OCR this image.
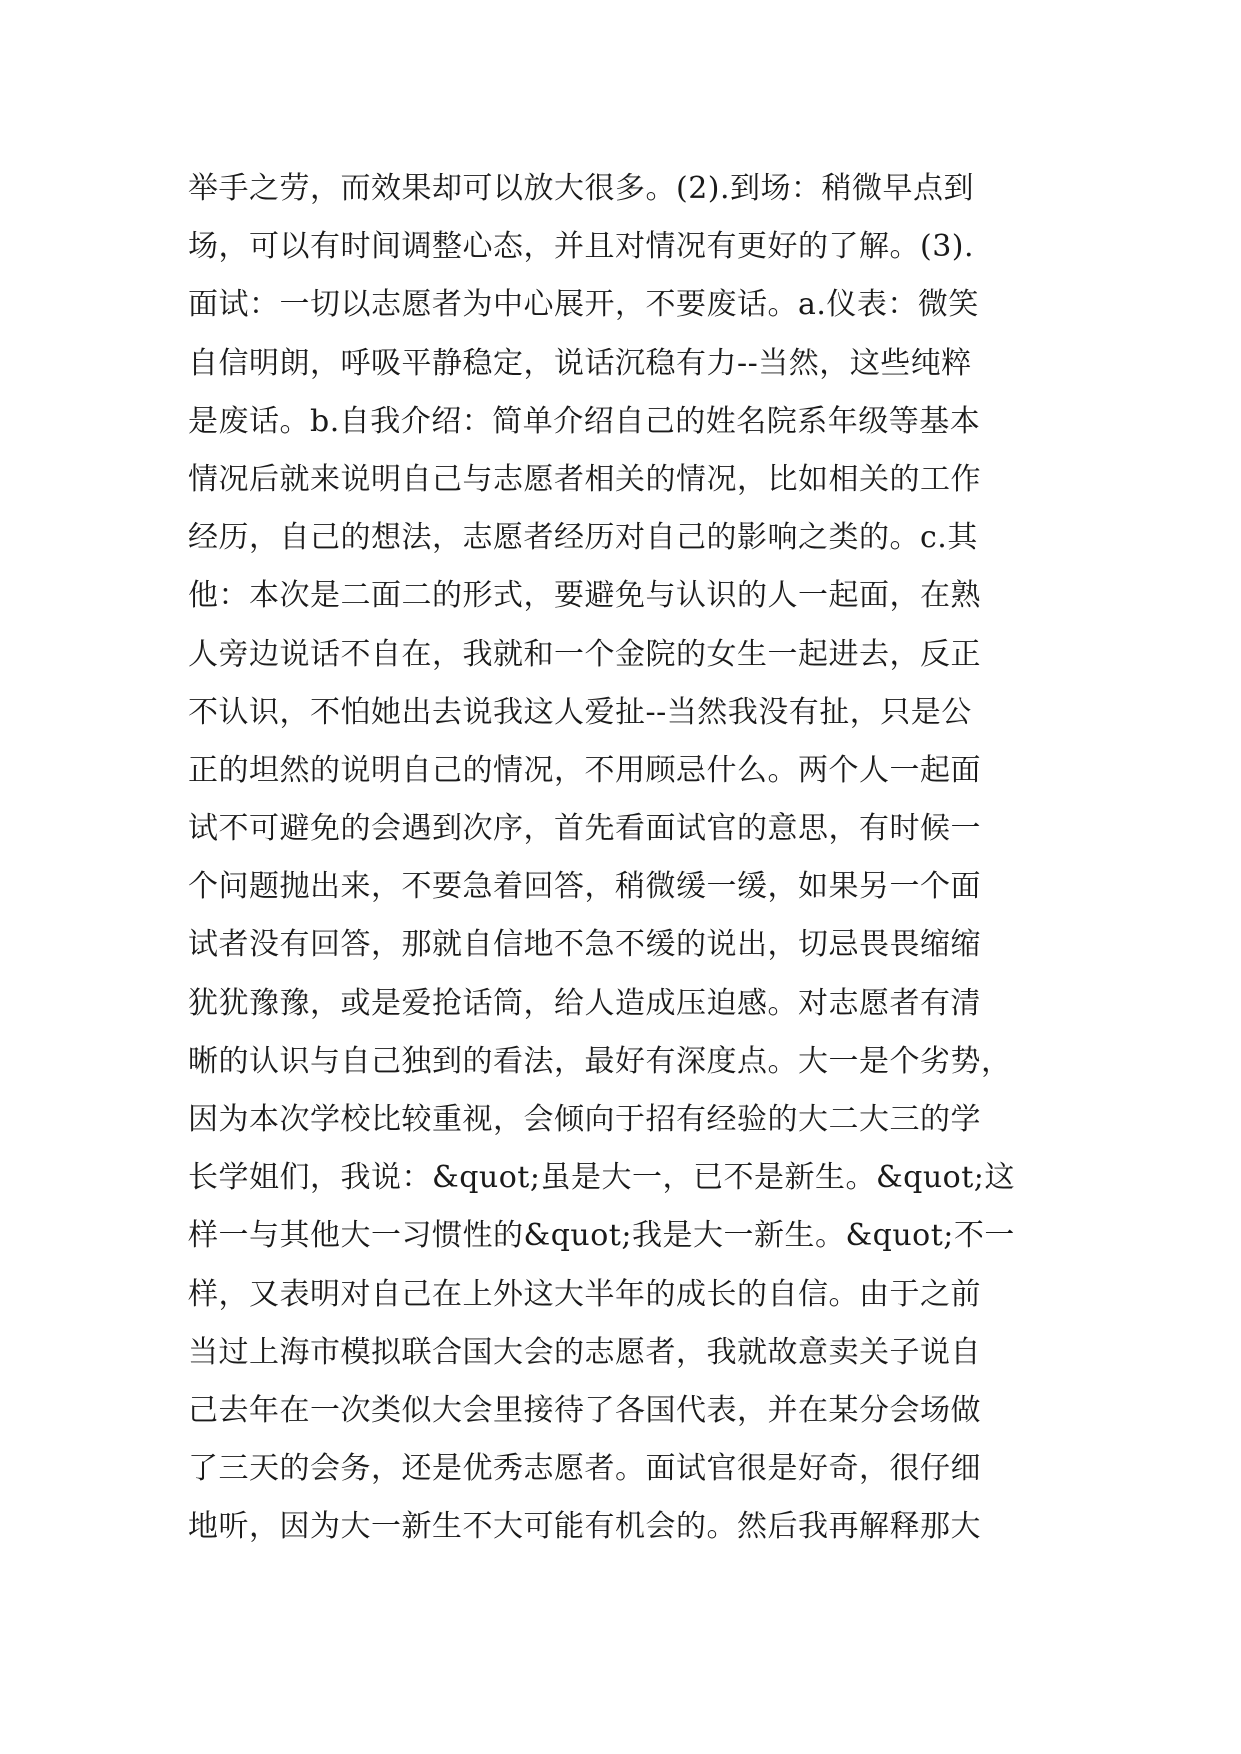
举手之劳，而效果却可以放大很多。(2).到场：稍微早点到
场，可以有时间调整心态，并且对情况有更好的了解。(3).
面试：一切以志愿者为中心展开，不要废话。a.仪表：微笑
自信明朗，呼吸平静稳定，说话沉稳有力--当然，这些纯粹
是废话。b.自我介绍：简单介绍自己的姓名院系年级等基本
情况后就来说明自己与志愿者相关的情况，比如相关的工作
经历，自己的想法，志愿者经历对自己的影响之类的。c.其
他：本次是二面二的形式，要避免与认识的人一起面，在熟
人旁边说话不自在，我就和一个金院的女生一起进去，反正
不认识，不怕她出去说我这人爱扯--当然我没有扯，只是公
正的坦然的说明自己的情况，不用顾忌什么。两个人一起面
试不可避免的会遇到次序，首先看面试官的意思，有时候一
个问题抛出来，不要急着回答，稍微缓一缓，如果另一个面
试者没有回答，那就自信地不急不缓的说出，切忌畏畏缩缩
犹犹豫豫，或是爱抢话筒，给人造成压迫感。对志愿者有清
晰的认识与自己独到的看法，最好有深度点。大一是个劣势，
因为本次学校比较重视，会倾向于招有经验的大二大三的学
长学姐们，我说：&quot;虽是大一，已不是新生。&quot;这
样一与其他大一习惯性的&quot;我是大一新生。&quot;不一
样，又表明对自己在上外这大半年的成长的自信。由于之前
当过上海市模拟联合国大会的志愿者，我就故意卖关子说自
己去年在一次类似大会里接待了各国代表，并在某分会场做
了三天的会务，还是优秀志愿者。面试官很是好奇，很仔细
地听，因为大一新生不大可能有机会的。然后我再解释那大
